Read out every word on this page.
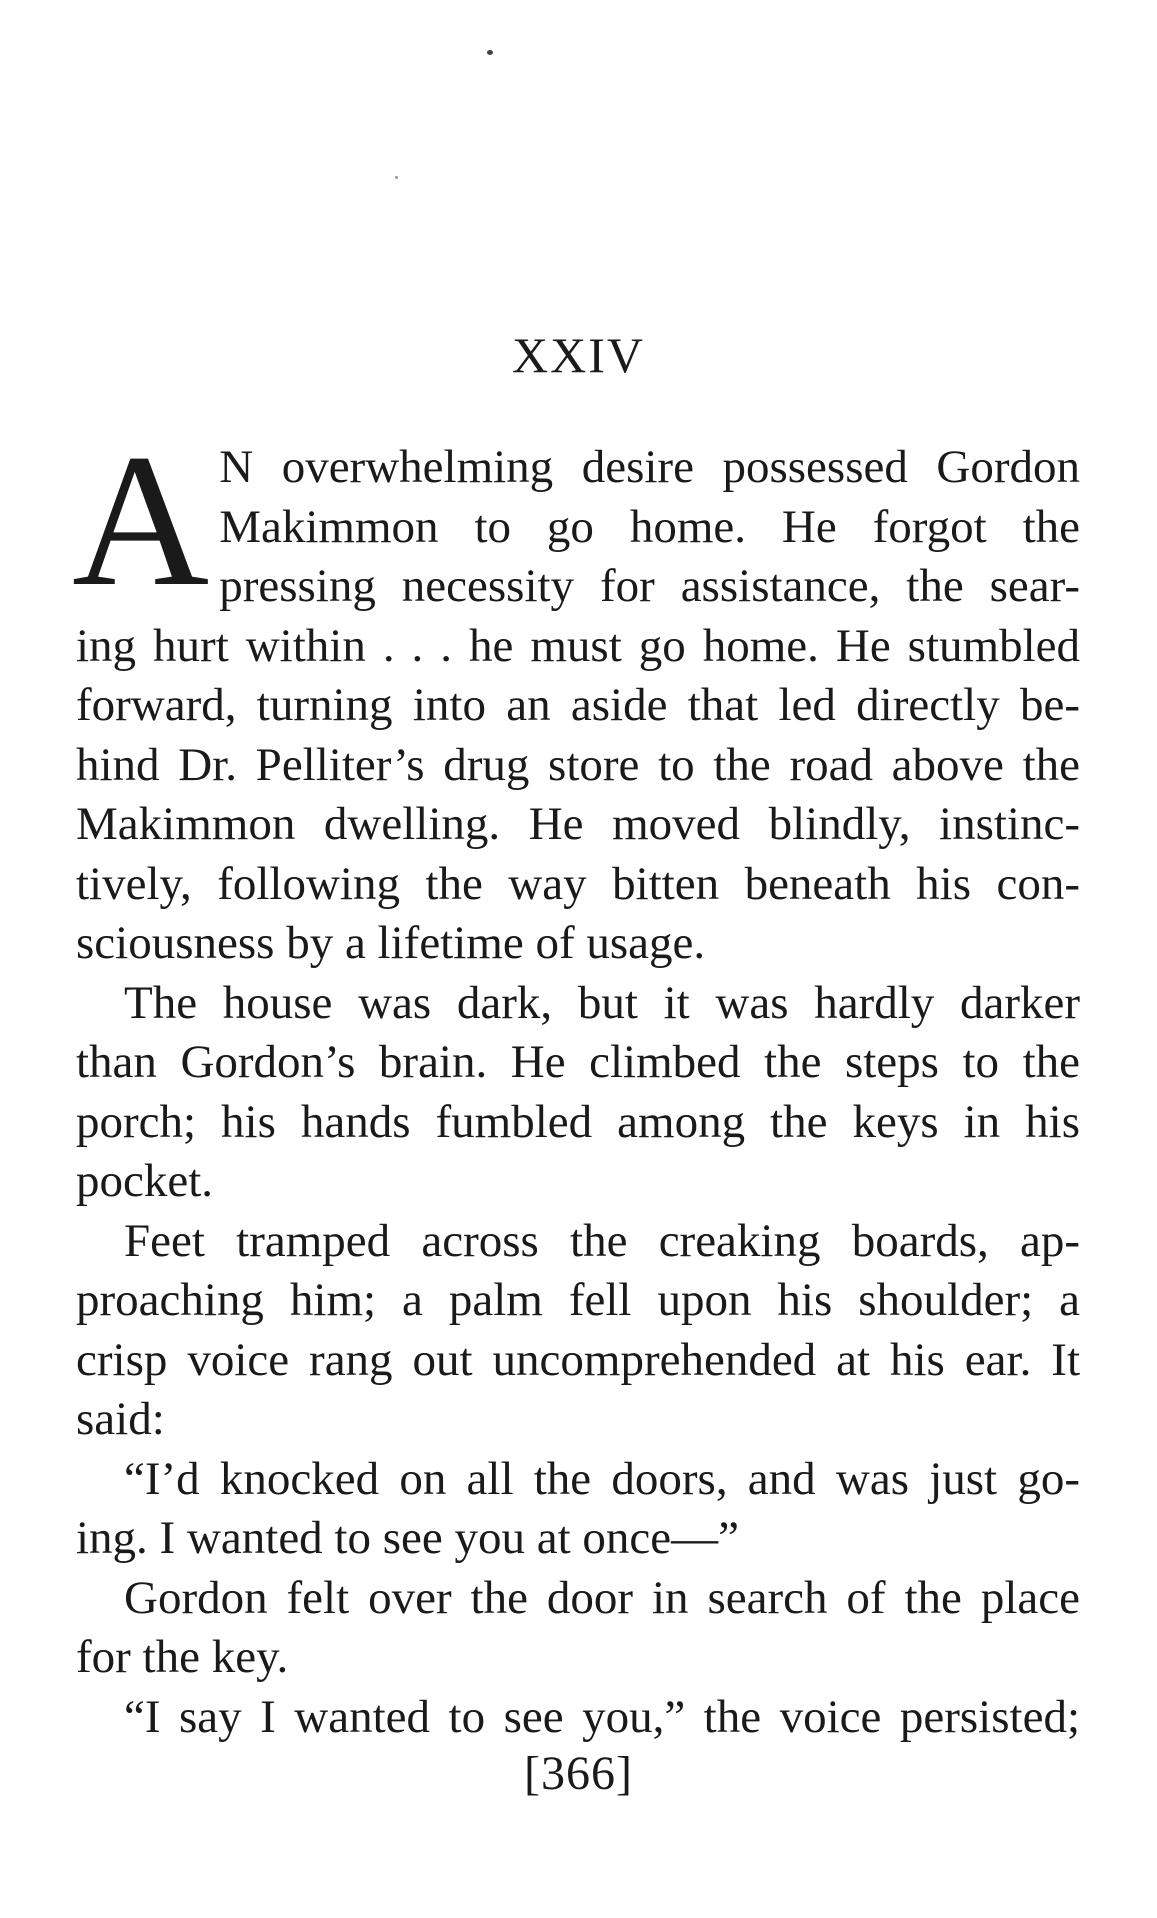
XXIV
A N overwhelming desire possessed Gordon
Makimmon to go home. He forgot the
pressing necessity for assistance, the sear-
ing hurt within . . . he must go home. He stumbled
forward, turning into an aside that led directly be-
hind Dr. Pelliter’s drug store to the road above the
Makimmon dwelling. He moved blindly, instinc-
tively, following the way bitten beneath his con-
sciousness by a lifetime of usage.
The house was dark, but it was hardly darker
than Gordon’s brain. He climbed the steps to the
porch; his hands fumbled among the keys in his
pocket.
Feet tramped across the creaking boards, ap-
proaching him; a palm fell upon his shoulder; a
crisp voice rang out uncomprehended at his ear. It
said:
“I’d knocked on all the doors, and was just go-
ing. I wanted to see you at once—”
Gordon felt over the door in search of the place
for the key.
“I say I wanted to see you,” the voice persisted;
[366]
